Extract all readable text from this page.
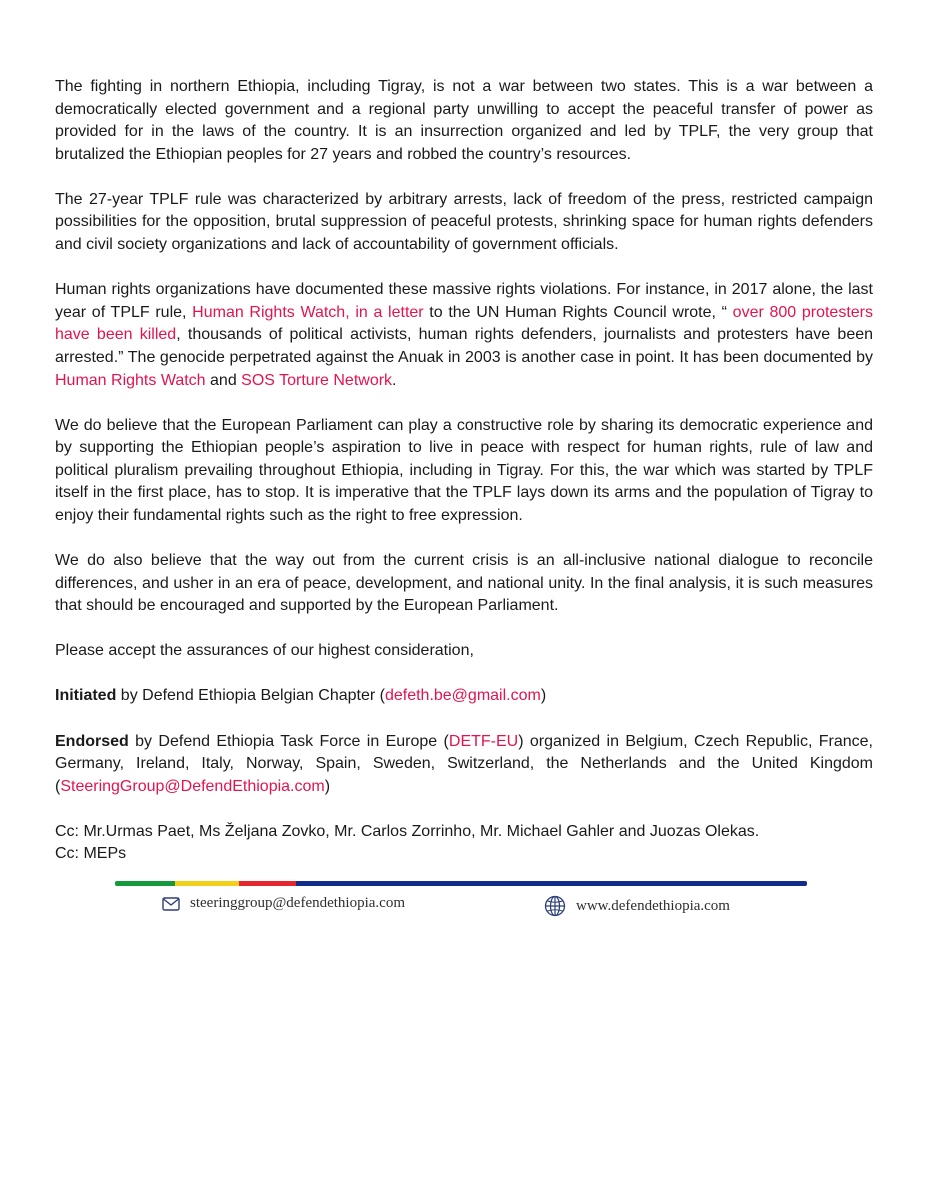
The fighting in northern Ethiopia, including Tigray, is not a war between two states. This is a war between a democratically elected government and a regional party unwilling to accept the peaceful transfer of power as provided for in the laws of the country. It is an insurrection organized and led by TPLF, the very group that brutalized the Ethiopian peoples for 27 years and robbed the country’s resources.

The 27-year TPLF rule was characterized by arbitrary arrests, lack of freedom of the press, restricted campaign possibilities for the opposition, brutal suppression of peaceful protests, shrinking space for human rights defenders and civil society organizations and lack of accountability of government officials.

Human rights organizations have documented these massive rights violations. For instance, in 2017 alone, the last year of TPLF rule, Human Rights Watch, in a letter to the UN Human Rights Council wrote, “ over 800 protesters have been killed, thousands of political activists, human rights defenders, journalists and protesters have been arrested.” The genocide perpetrated against the Anuak in 2003 is another case in point. It has been documented by Human Rights Watch and SOS Torture Network.

We do believe that the European Parliament can play a constructive role by sharing its democratic experience and by supporting the Ethiopian people’s aspiration to live in peace with respect for human rights, rule of law and political pluralism prevailing throughout Ethiopia, including in Tigray. For this, the war which was started by TPLF itself in the first place, has to stop. It is imperative that the TPLF lays down its arms and the population of Tigray to enjoy their fundamental rights such as the right to free expression.

We do also believe that the way out from the current crisis is an all-inclusive national dialogue to reconcile differences, and usher in an era of peace, development, and national unity. In the final analysis, it is such measures that should be encouraged and supported by the European Parliament.

Please accept the assurances of our highest consideration,

Initiated by Defend Ethiopia Belgian Chapter (defeth.be@gmail.com)

Endorsed by Defend Ethiopia Task Force in Europe (DETF-EU) organized in Belgium, Czech Republic, France, Germany, Ireland, Italy, Norway, Spain, Sweden, Switzerland, the Netherlands and the United Kingdom (SteeringGroup@DefendEthiopia.com)

Cc: Mr.Urmas Paet, Ms Željana Zovko, Mr. Carlos Zorrinho, Mr. Michael Gahler and Juozas Olekas.

Cc: MEPs

steeringgroup@defendethiopia.com	www.defendethiopia.com
